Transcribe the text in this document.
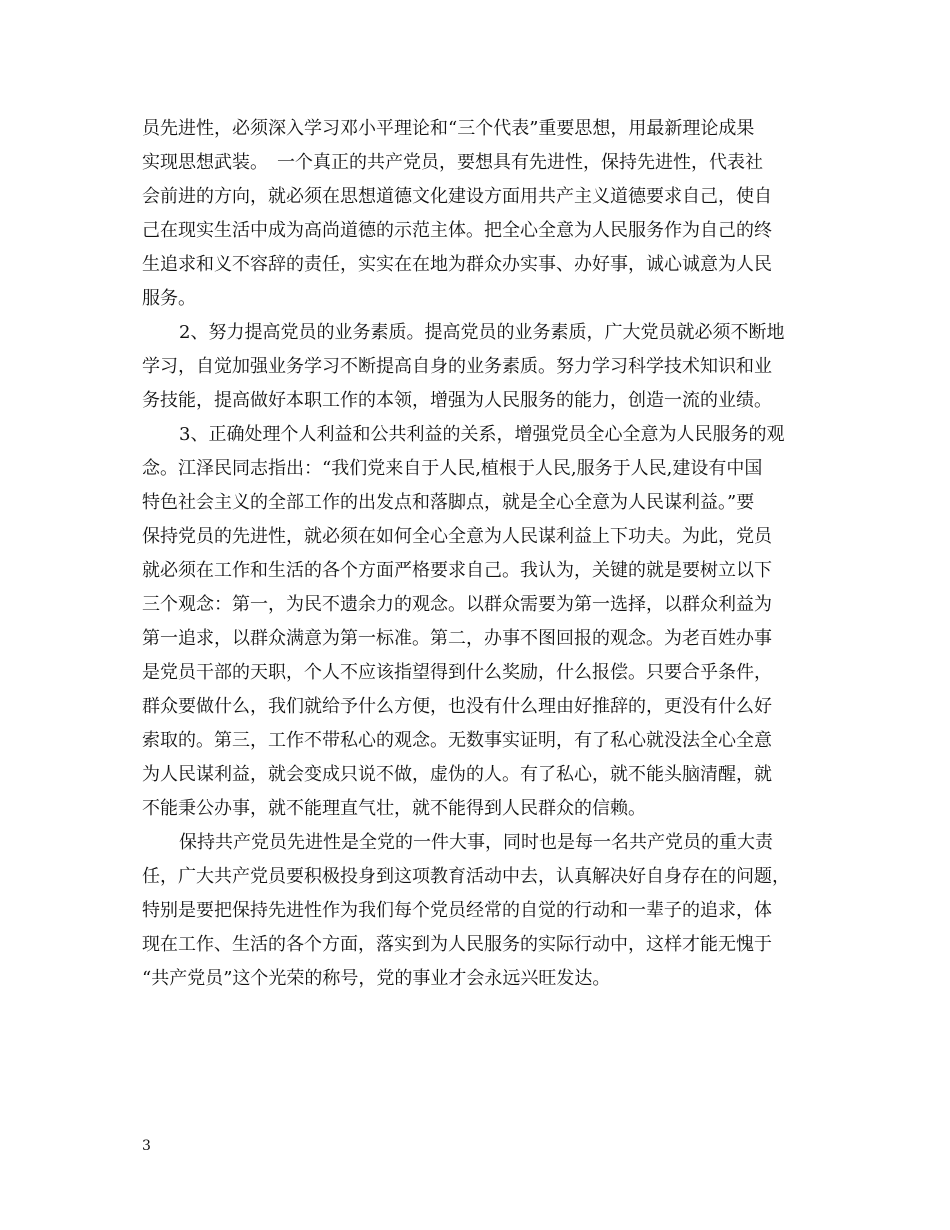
员先进性，必须深入学习邓小平理论和“三个代表”重要思想，用最新理论成果
实现思想武装。　一个真正的共产党员，要想具有先进性，保持先进性，代表社
会前进的方向，就必须在思想道德文化建设方面用共产主义道德要求自己，使自
己在现实生活中成为高尚道德的示范主体。把全心全意为人民服务作为自己的终
生追求和义不容辞的责任，实实在在地为群众办实事、办好事，诚心诚意为人民
服务。
2、努力提高党员的业务素质。提高党员的业务素质，广大党员就必须不断地
学习，自觉加强业务学习不断提高自身的业务素质。努力学习科学技术知识和业
务技能，提高做好本职工作的本领，增强为人民服务的能力，创造一流的业绩。
3、正确处理个人利益和公共利益的关系，增强党员全心全意为人民服务的观
念。江泽民同志指出：“我们党来自于人民,植根于人民,服务于人民,建设有中国
特色社会主义的全部工作的出发点和落脚点，就是全心全意为人民谋利益。”要
保持党员的先进性，就必须在如何全心全意为人民谋利益上下功夫。为此，党员
就必须在工作和生活的各个方面严格要求自己。我认为，关键的就是要树立以下
三个观念：第一，为民不遗余力的观念。以群众需要为第一选择，以群众利益为
第一追求，以群众满意为第一标准。第二，办事不图回报的观念。为老百姓办事
是党员干部的天职，个人不应该指望得到什么奖励，什么报偿。只要合乎条件，
群众要做什么，我们就给予什么方便，也没有什么理由好推辞的，更没有什么好
索取的。第三，工作不带私心的观念。无数事实证明，有了私心就没法全心全意
为人民谋利益，就会变成只说不做，虚伪的人。有了私心，就不能头脑清醒，就
不能秉公办事，就不能理直气壮，就不能得到人民群众的信赖。
保持共产党员先进性是全党的一件大事，同时也是每一名共产党员的重大责
任，广大共产党员要积极投身到这项教育活动中去，认真解决好自身存在的问题，
特别是要把保持先进性作为我们每个党员经常的自觉的行动和一辈子的追求，体
现在工作、生活的各个方面，落实到为人民服务的实际行动中，这样才能无愧于
“共产党员”这个光荣的称号，党的事业才会永远兴旺发达。
3
